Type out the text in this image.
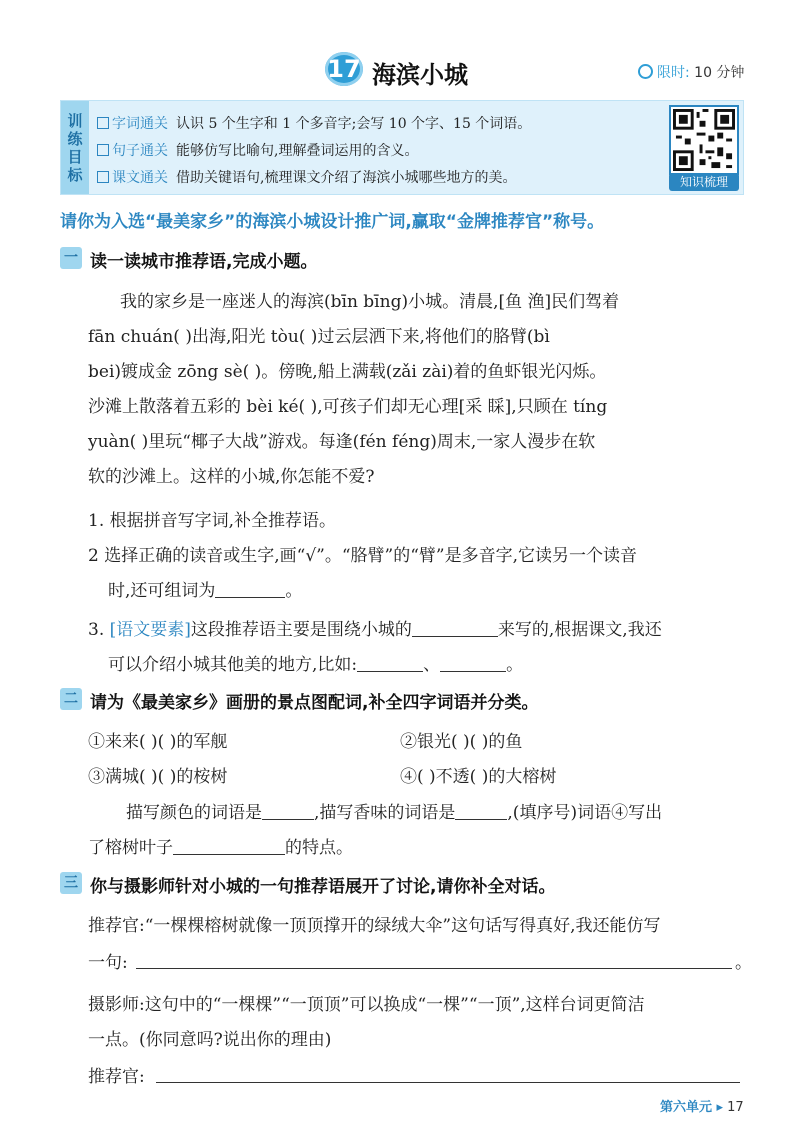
17 海滨小城	限时: 10 分钟
训
练
目
标
字词通关 认识 5 个生字和 1 个多音字;会写 10 个字、15 个词语。
句子通关 能够仿写比喻句,理解叠词运用的含义。
课文通关 借助关键语句,梳理课文介绍了海滨小城哪些地方的美。	知识梳理
请你为入选“最美家乡”的海滨小城设计推广词,赢取“金牌推荐官”称号。
一 读一读城市推荐语,完成小题。
我的家乡是一座迷人的海滨(bīn bīng)小城。清晨,[鱼 渔]民们驾着
fān chuán( )出海,阳光 tòu( )过云层洒下来,将他们的胳臂(bì
bei)镀成金 zōng sè( )。傍晚,船上满载(zǎi zài)着的鱼虾银光闪烁。
沙滩上散落着五彩的 bèi ké( ),可孩子们却无心理[采 睬],只顾在 tíng
yuàn( )里玩“椰子大战”游戏。每逢(fén féng)周末,一家人漫步在软
软的沙滩上。这样的小城,你怎能不爱?
1. 根据拼音写字词,补全推荐语。
2 选择正确的读音或生字,画“√”。“胳臂”的“臂”是多音字,它读另一个读音
时,还可组词为	。
3. [语文要素]这段推荐语主要是围绕小城的	来写的,根据课文,我还
可以介绍小城其他美的地方,比如:	、	。
二 请为《最美家乡》画册的景点图配词,补全四字词语并分类。
①来来( )( )的军舰	②银光( )( )的鱼
③满城( )( )的桉树	④( )不透( )的大榕树
描写颜色的词语是	,描写香味的词语是	,(填序号)词语④写出
了榕树叶子	的特点。
三 你与摄影师针对小城的一句推荐语展开了讨论,请你补全对话。
推荐官:“一棵棵榕树就像一顶顶撑开的绿绒大伞”这句话写得真好,我还能仿写
一句:	。
摄影师:这句中的“一棵棵”“一顶顶”可以换成“一棵”“一顶”,这样台词更简洁
一点。(你同意吗?说出你的理由)
推荐官:
第六单元 ▸ 17
